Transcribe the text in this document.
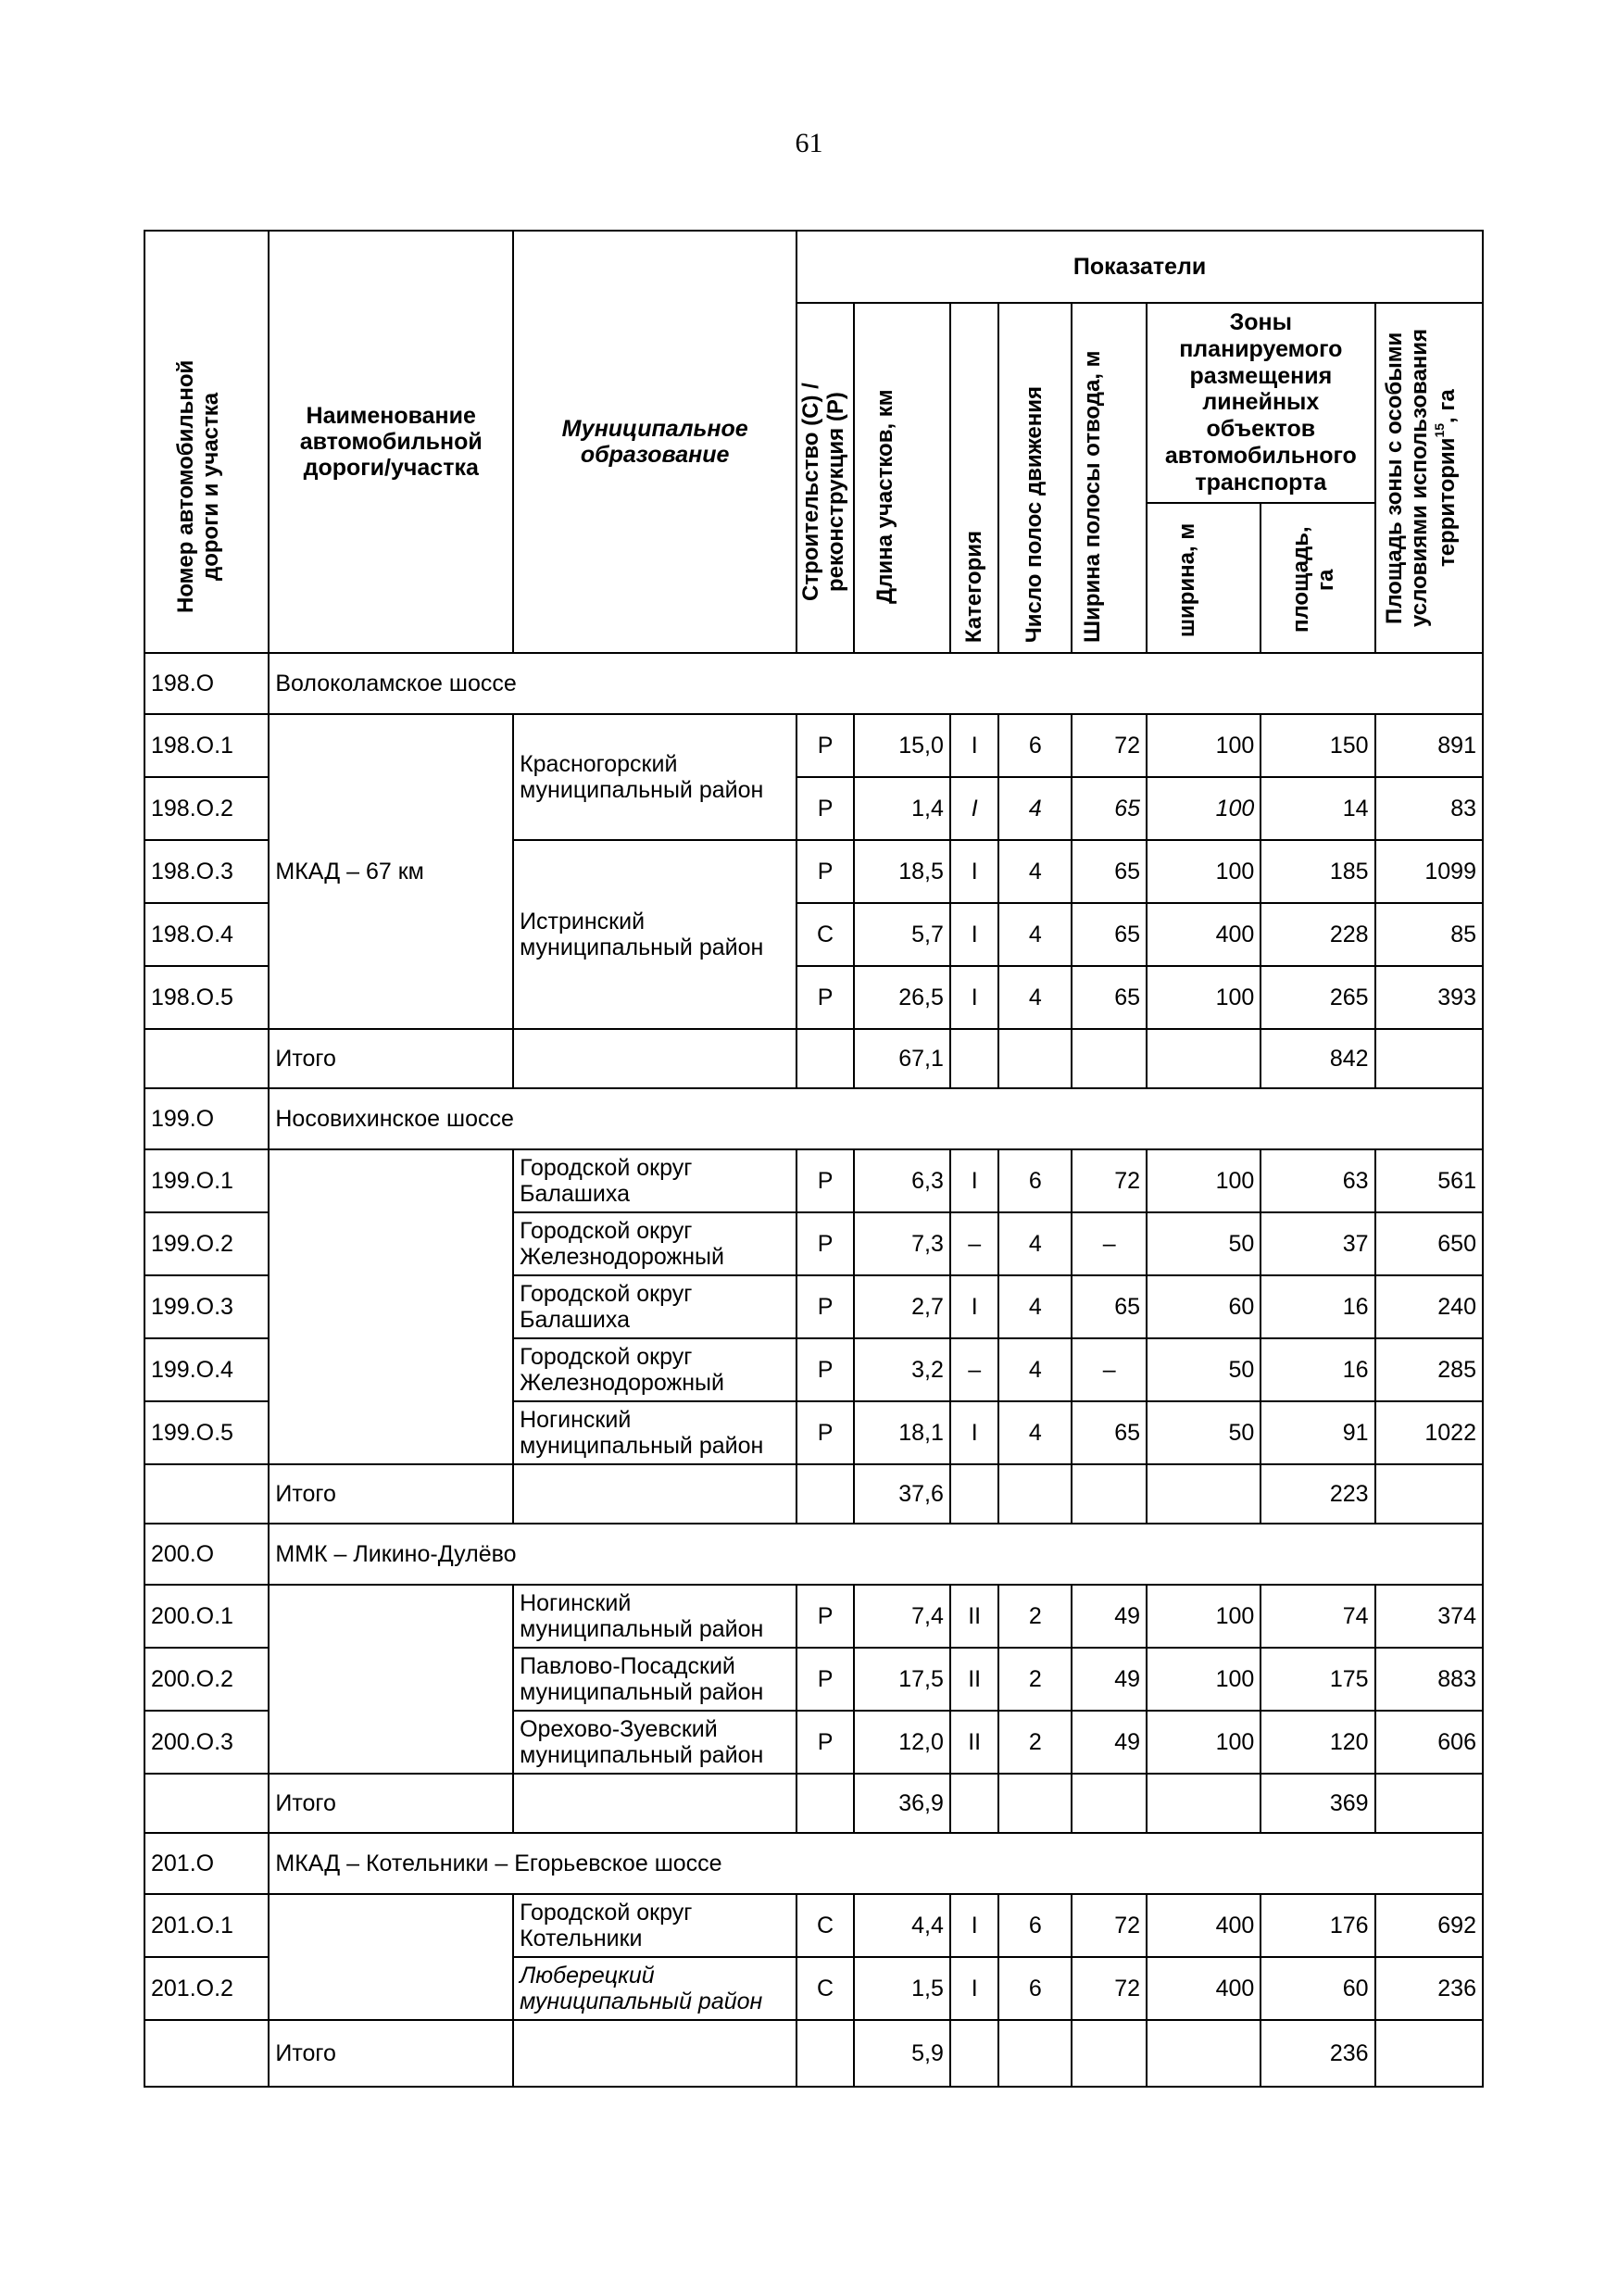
61
Номер автомобильной дороги и участка	Наименование автомобильной дороги/участка	Муниципальное образование	Показатели							

			Строительство (С) / реконструкция (Р)	Длина участков, км	Категория	Число полос движения	Ширина полосы отвода, м	Зоны планируемого размещения линейных объектов автомобильного транспорта		Площадь зоны с особыми условиями использования территории$^{15}$, га

								ширина, м	площадь, га	

198.О	Волоколамское шоссе									
198.О.1	МКАД – 67 км	Красногорский муниципальный район	Р	15,0	I	6	72	100	150	891
198.О.2			Р	1,4	I	4	65	100	14	83
198.О.3		Истринский муниципальный район	Р	18,5	I	4	65	100	185	1099
198.О.4			С	5,7	I	4	65	400	228	85
198.О.5			Р	26,5	I	4	65	100	265	393
	Итого			67,1					842	
199.О	Носовихинское шоссе									
199.О.1		Городской округ Балашиха	Р	6,3	I	6	72	100	63	561
199.О.2		Городской округ Железнодорожный	Р	7,3	–	4	–	50	37	650
199.О.3		Городской округ Балашиха	Р	2,7	I	4	65	60	16	240
199.О.4		Городской округ Железнодорожный	Р	3,2	–	4	–	50	16	285
199.О.5		Ногинский муниципальный район	Р	18,1	I	4	65	50	91	1022
	Итого			37,6					223	
200.О	ММК – Ликино-Дулёво									
200.О.1		Ногинский муниципальный район	Р	7,4	II	2	49	100	74	374
200.О.2		Павлово-Посадский муниципальный район	Р	17,5	II	2	49	100	175	883
200.О.3		Орехово-Зуевский муниципальный район	Р	12,0	II	2	49	100	120	606
	Итого			36,9					369	
201.О	МКАД – Котельники – Егорьевское шоссе									
201.О.1		Городской округ Котельники	С	4,4	I	6	72	400	176	692
201.О.2		Люберецкий муниципальный район	С	1,5	I	6	72	400	60	236
	Итого			5,9					236	
